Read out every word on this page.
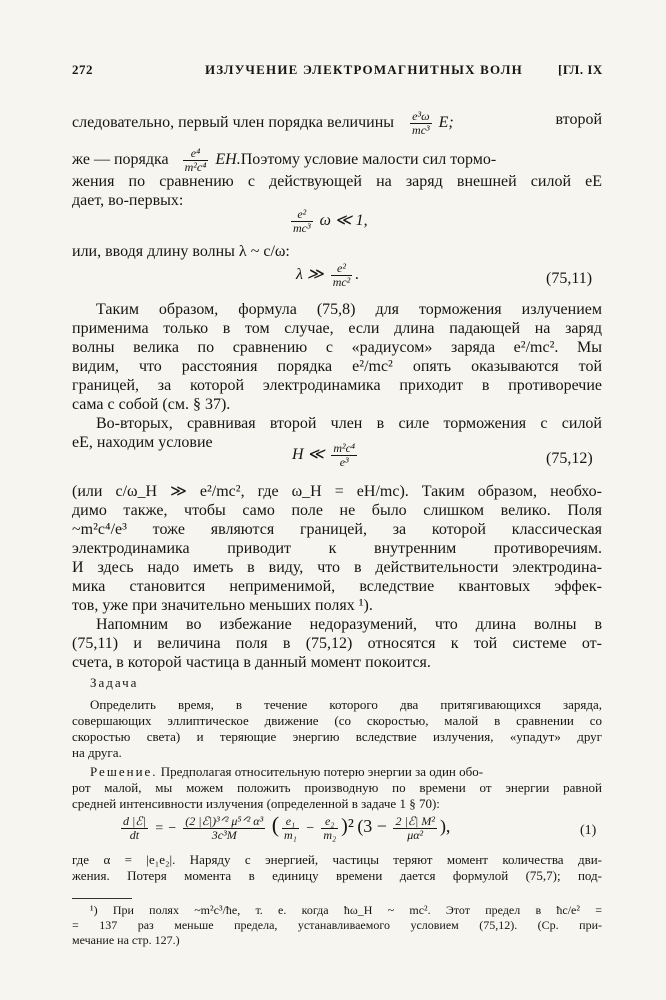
272	ИЗЛУЧЕНИЕ ЭЛЕКТРОМАГНИТНЫХ ВОЛН	[ГЛ. IX
следовательно, первый член порядка величины $\frac{\text{e³ω}}{\text{mc³}} E$;	второй
же — порядка $\frac{\text{e⁴}}{\text{m²c⁴}}$ EH.Поэтому условие малости сил тормо-
жения по сравнению с действующей на заряд внешней силой eE
дает, во-первых:
$\frac{\text{e²}}{\text{mc³}}$ ω ≪ 1,
или, вводя длину волны λ ~ c/ω:
λ ≫ $\frac{\text{e²}}{\text{mc²}}$ .	(75,11)
Таким образом, формула (75,8) для торможения излучением
применима только в том случае, если длина падающей на заряд
волны велика по сравнению с «радиусом» заряда e²/mc². Мы
видим, что расстояния порядка e²/mc² опять оказываются той
границей, за которой электродинамика приходит в противоречие
сама с собой (см. § 37).
Во-вторых, сравнивая второй член в силе торможения с силой
eE, находим условие
H ≪ $\frac{\text{m²c⁴}}{\text{e³}}$	(75,12)
(или c/ω_H ≫ e²/mc², где ω_H = eH/mc). Таким образом, необхо-
димо также, чтобы само поле не было слишком велико. Поля
~m²c⁴/e³ тоже являются границей, за которой классическая
электродинамика приводит к внутренним противоречиям.
И здесь надо иметь в виду, что в действительности электродина-
мика становится неприменимой, вследствие квантовых эффек-
тов, уже при значительно меньших полях ¹).
Напомним во избежание недоразумений, что длина волны в
(75,11) и величина поля в (75,12) относятся к той системе от-
счета, в которой частица в данный момент покоится.
Задача
Определить время, в течение которого два притягивающихся заряда,
совершающих эллиптическое движение (со скоростью, малой в сравнении со
скоростью света) и теряющие энергию вследствие излучения, «упадут» друг
на друга.
Решение. Предполагая относительную потерю энергии за один обо-
рот малой, мы можем положить производную по времени от энергии равной
средней интенсивности излучения (определенной в задаче 1 § 70):
$\frac{\text{d |ℰ|}}{dt}$ = − $\frac{\text{(2 |ℰ|)³ᐟ² μ⁵ᐟ² α³}}{\text{3c³M}}$ ( $\frac{\text{e₁}}{\text{m₁}} - \frac{\text{e₂}}{\text{m₂}} )^2$ ($3 - \frac{\text{2 |ℰ| M²}}{\text{μα²}}$ ),	(1)
где α = |e₁e₂|. Наряду с энергией, частицы теряют момент количества дви-
жения. Потеря момента в единицу времени дается формулой (75,7); под-
¹) При полях ~m²c³/ħe, т. е. когда ħω_H ~ mc². Этот предел в ħc/e² =
= 137 раз меньше предела, устанавливаемого условием (75,12). (Ср. при-
мечание на стр. 127.)
